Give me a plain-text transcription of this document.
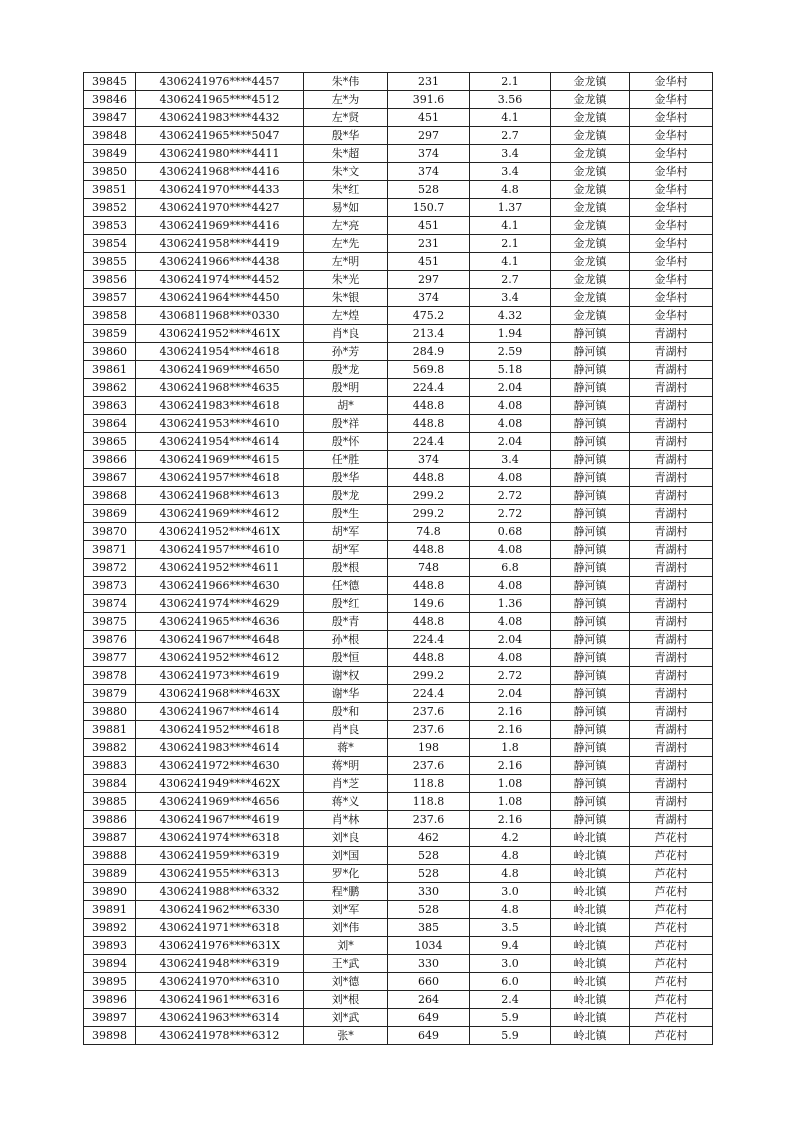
39845	4306241976****4457	朱*伟	231	2.1	金龙镇	金华村
39846	4306241965****4512	左*为	391.6	3.56	金龙镇	金华村
39847	4306241983****4432	左*贤	451	4.1	金龙镇	金华村
39848	4306241965****5047	殷*华	297	2.7	金龙镇	金华村
39849	4306241980****4411	朱*超	374	3.4	金龙镇	金华村
39850	4306241968****4416	朱*文	374	3.4	金龙镇	金华村
39851	4306241970****4433	朱*红	528	4.8	金龙镇	金华村
39852	4306241970****4427	易*如	150.7	1.37	金龙镇	金华村
39853	4306241969****4416	左*亮	451	4.1	金龙镇	金华村
39854	4306241958****4419	左*先	231	2.1	金龙镇	金华村
39855	4306241966****4438	左*明	451	4.1	金龙镇	金华村
39856	4306241974****4452	朱*光	297	2.7	金龙镇	金华村
39857	4306241964****4450	朱*银	374	3.4	金龙镇	金华村
39858	4306811968****0330	左*煌	475.2	4.32	金龙镇	金华村
39859	4306241952****461X	肖*良	213.4	1.94	静河镇	青湖村
39860	4306241954****4618	孙*芳	284.9	2.59	静河镇	青湖村
39861	4306241969****4650	殷*龙	569.8	5.18	静河镇	青湖村
39862	4306241968****4635	殷*明	224.4	2.04	静河镇	青湖村
39863	4306241983****4618	胡*	448.8	4.08	静河镇	青湖村
39864	4306241953****4610	殷*祥	448.8	4.08	静河镇	青湖村
39865	4306241954****4614	殷*怀	224.4	2.04	静河镇	青湖村
39866	4306241969****4615	任*胜	374	3.4	静河镇	青湖村
39867	4306241957****4618	殷*华	448.8	4.08	静河镇	青湖村
39868	4306241968****4613	殷*龙	299.2	2.72	静河镇	青湖村
39869	4306241969****4612	殷*生	299.2	2.72	静河镇	青湖村
39870	4306241952****461X	胡*军	74.8	0.68	静河镇	青湖村
39871	4306241957****4610	胡*军	448.8	4.08	静河镇	青湖村
39872	4306241952****4611	殷*根	748	6.8	静河镇	青湖村
39873	4306241966****4630	任*德	448.8	4.08	静河镇	青湖村
39874	4306241974****4629	殷*红	149.6	1.36	静河镇	青湖村
39875	4306241965****4636	殷*青	448.8	4.08	静河镇	青湖村
39876	4306241967****4648	孙*根	224.4	2.04	静河镇	青湖村
39877	4306241952****4612	殷*恒	448.8	4.08	静河镇	青湖村
39878	4306241973****4619	谢*权	299.2	2.72	静河镇	青湖村
39879	4306241968****463X	谢*华	224.4	2.04	静河镇	青湖村
39880	4306241967****4614	殷*和	237.6	2.16	静河镇	青湖村
39881	4306241952****4618	肖*良	237.6	2.16	静河镇	青湖村
39882	4306241983****4614	蒋*	198	1.8	静河镇	青湖村
39883	4306241972****4630	蒋*明	237.6	2.16	静河镇	青湖村
39884	4306241949****462X	肖*芝	118.8	1.08	静河镇	青湖村
39885	4306241969****4656	蒋*义	118.8	1.08	静河镇	青湖村
39886	4306241967****4619	肖*林	237.6	2.16	静河镇	青湖村
39887	4306241974****6318	刘*良	462	4.2	岭北镇	芦花村
39888	4306241959****6319	刘*国	528	4.8	岭北镇	芦花村
39889	4306241955****6313	罗*化	528	4.8	岭北镇	芦花村
39890	4306241988****6332	程*鹏	330	3.0	岭北镇	芦花村
39891	4306241962****6330	刘*军	528	4.8	岭北镇	芦花村
39892	4306241971****6318	刘*伟	385	3.5	岭北镇	芦花村
39893	4306241976****631X	刘*	1034	9.4	岭北镇	芦花村
39894	4306241948****6319	王*武	330	3.0	岭北镇	芦花村
39895	4306241970****6310	刘*德	660	6.0	岭北镇	芦花村
39896	4306241961****6316	刘*根	264	2.4	岭北镇	芦花村
39897	4306241963****6314	刘*武	649	5.9	岭北镇	芦花村
39898	4306241978****6312	张*	649	5.9	岭北镇	芦花村
